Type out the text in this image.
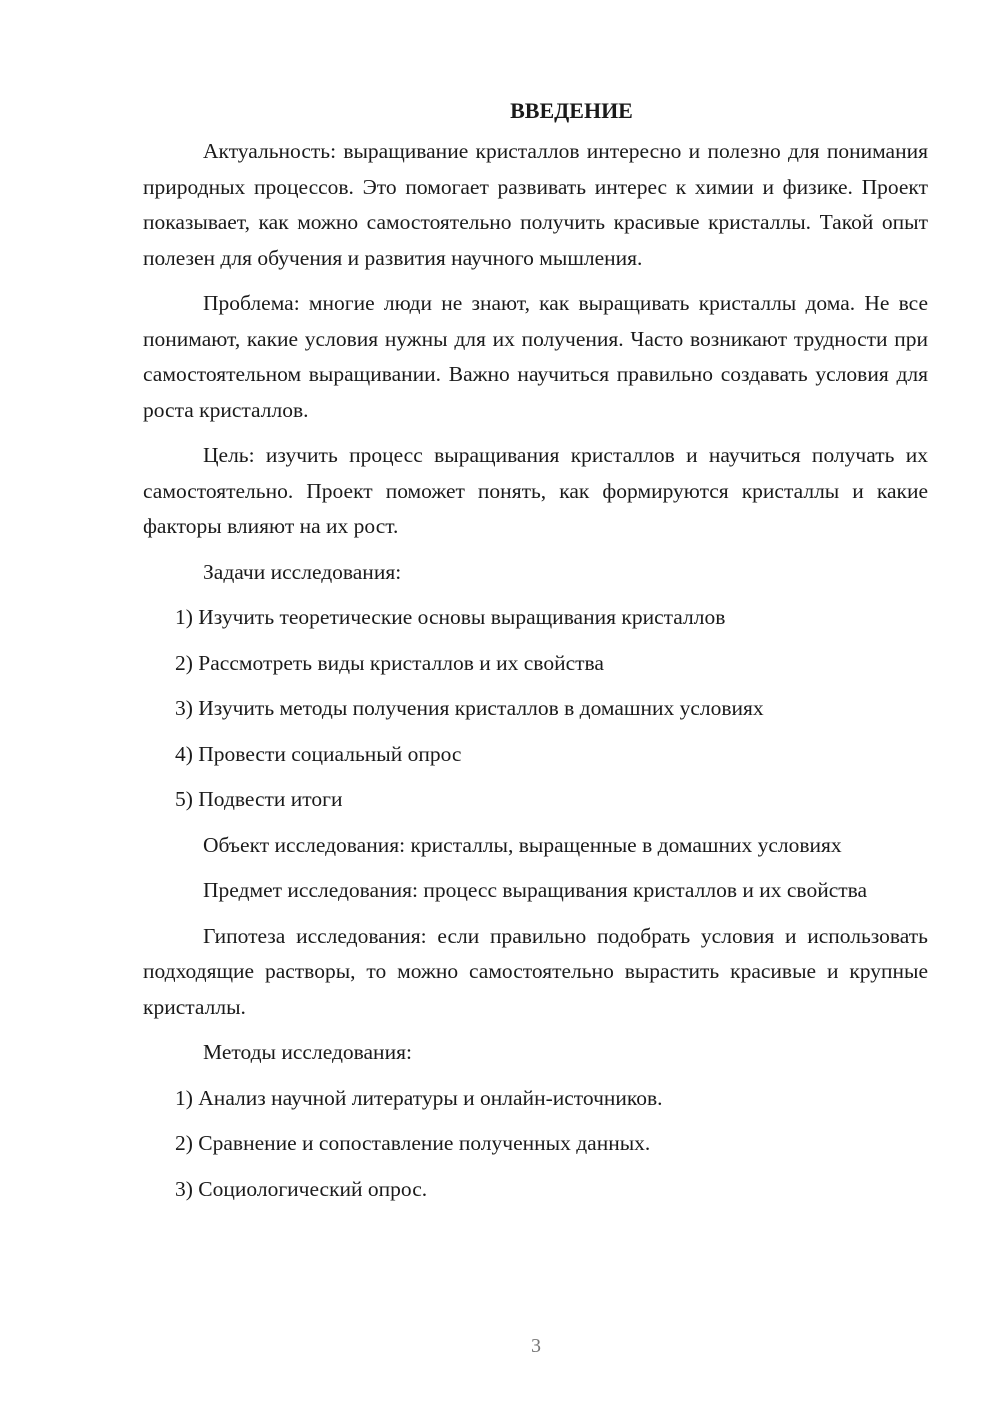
ВВЕДЕНИЕ

Актуальность: выращивание кристаллов интересно и полезно для понимания природных процессов. Это помогает развивать интерес к химии и физике. Проект показывает, как можно самостоятельно получить красивые кристаллы. Такой опыт полезен для обучения и развития научного мышления.

Проблема: многие люди не знают, как выращивать кристаллы дома. Не все понимают, какие условия нужны для их получения. Часто возникают трудности при самостоятельном выращивании. Важно научиться правильно создавать условия для роста кристаллов.

Цель: изучить процесс выращивания кристаллов и научиться получать их самостоятельно. Проект поможет понять, как формируются кристаллы и какие факторы влияют на их рост.

Задачи исследования:

1) Изучить теоретические основы выращивания кристаллов
2) Рассмотреть виды кристаллов и их свойства
3) Изучить методы получения кристаллов в домашних условиях
4) Провести социальный опрос
5) Подвести итоги

Объект исследования: кристаллы, выращенные в домашних условиях

Предмет исследования: процесс выращивания кристаллов и их свойства

Гипотеза исследования: если правильно подобрать условия и использовать подходящие растворы, то можно самостоятельно вырастить красивые и крупные кристаллы.

Методы исследования:

1) Анализ научной литературы и онлайн-источников.
2) Сравнение и сопоставление полученных данных.
3) Социологический опрос.
3
